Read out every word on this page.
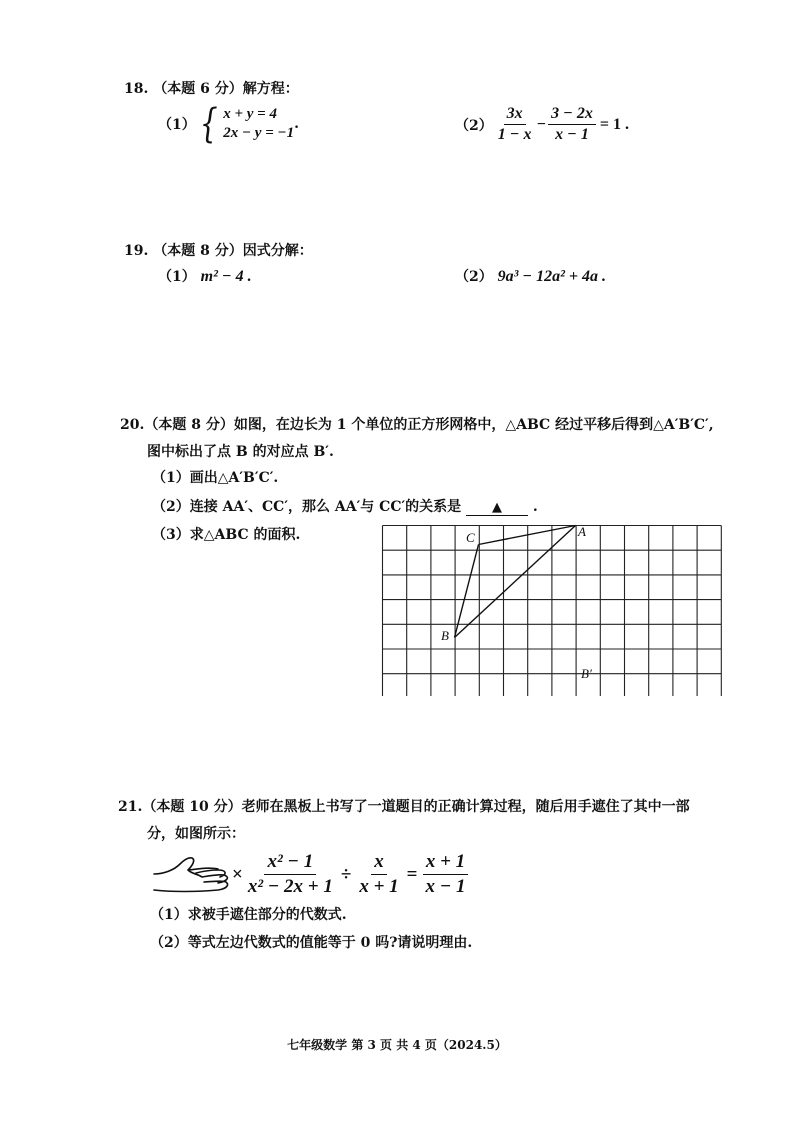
18. （本题 6 分）解方程：
（1） { x + y = 4
2x − y = −1
.	$(2) \frac{3x}{1 - x} - \frac{3 - 2x}{x - 1} = 1$ .
19. （本题 8 分）因式分解：
（1） m² − 4 .	（2） 9a³ − 12a² + 4a .
20.（本题 8 分）如图，在边长为 1 个单位的正方形网格中，△ABC 经过平移后得到△A′B′C′,
图中标出了点 B 的对应点 B′.
（1）画出△A′B′C′.
（2）连接 AA′、CC′，那么 AA′与 CC′的关系是 ▲ .
（3）求△ABC 的面积.	C	A
B
B′
21.（本题 10 分）老师在黑板上书写了一道题目的正确计算过程，随后用手遮住了其中一部
分，如图所示：
× $\frac{\text{x² − 1}}{\text{x² − 2x + 1}} \div \frac{x}{x + 1} = \frac{x + 1}{x - 1}$
（1）求被手遮住部分的代数式.
（2）等式左边代数式的值能等于 0 吗?请说明理由.
七年级数学 第 3 页 共 4 页（2024.5）
